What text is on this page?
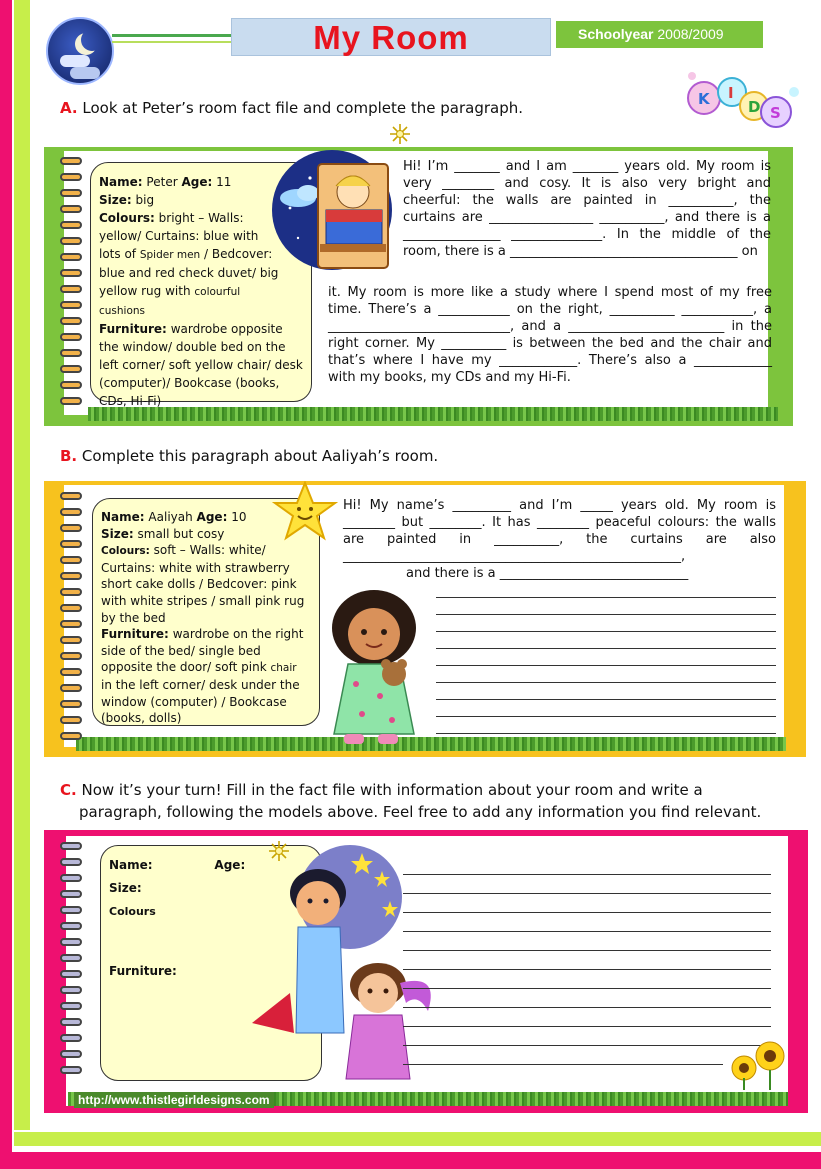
My Room	Schoolyear 2008/2009
K I
D S
A. Look at Peter’s room fact file and complete the paragraph.
Name: Peter Age: 11
Size: big
Colours: bright – Walls: yellow/ Curtains: blue with lots of Spider men / Bedcover: blue and red check duvet/ big yellow rug with colourful cushions
Furniture: wardrobe opposite the window/ double bed on the left corner/ soft yellow chair/ desk (computer)/ Bookcase (books, CDs, Hi-Fi)
Hi! I’m _______ and I am _______ years old. My room is very ________ and cosy. It is also very bright and cheerful: the walls are painted in __________, the curtains are ________________ __________, and there is a _______________ ______________. In the middle of the room, there is a ___________________________________ on
it. My room is more like a study where I spend most of my free time. There’s a ___________ on the right, __________ ___________, a ____________________________, and a ________________________ in the right corner. My __________ is between the bed and the chair and that’s where I have my ____________. There’s also a ____________ with my books, my CDs and my Hi-Fi.
B. Complete this paragraph about Aaliyah’s room.
Name: Aaliyah Age: 10
Size: small but cosy
Colours: soft – Walls: white/ Curtains: white with strawberry short cake dolls / Bedcover: pink with white stripes / small pink rug by the bed
Furniture: wardrobe on the right side of the bed/ single bed opposite the door/ soft pink chair in the left corner/ desk under the window (computer) / Bookcase (books, dolls)
Hi! My name’s _________ and I’m _____ years old. My room is ________ but ________. It has ________ peaceful colours: the walls are painted in __________, the curtains are also ____________________________________________________,
and there is a _____________________________
C. Now it’s your turn! Fill in the fact file with information about your room and write a
paragraph, following the models above. Feel free to add any information you find relevant.
Name:	Age:
Size:
Colours
Furniture:
http://www.thistlegirldesigns.com
